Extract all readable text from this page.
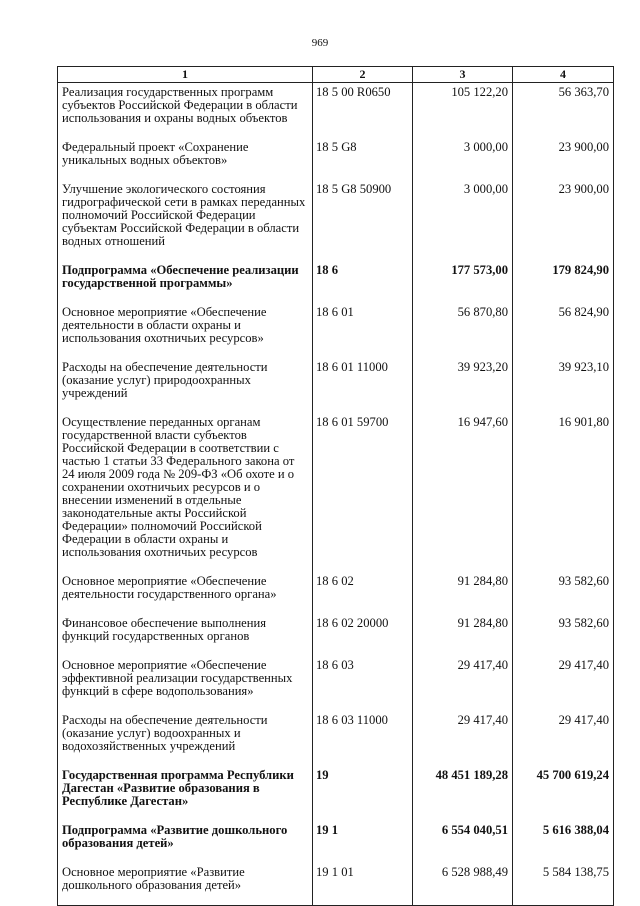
969
1	2	3	4
Реализация государственных программ субъектов Российской Федерации в области использования и охраны водных объектов	18 5 00 R0650	105 122,20	56 363,70
Федеральный проект «Сохранение уникальных водных объектов»	18 5 G8	3 000,00	23 900,00
Улучшение экологического состояния гидрографической сети в рамках переданных полномочий Российской Федерации субъектам Российской Федерации в области водных отношений	18 5 G8 50900	3 000,00	23 900,00
Подпрограмма «Обеспечение реализации государственной программы»	18 6	177 573,00	179 824,90
Основное мероприятие «Обеспечение деятельности в области охраны и использования охотничьих ресурсов»	18 6 01	56 870,80	56 824,90
Расходы на обеспечение деятельности (оказание услуг) природоохранных учреждений	18 6 01 11000	39 923,20	39 923,10
Осуществление переданных органам государственной власти субъектов Российской Федерации в соответствии с частью 1 статьи 33 Федерального закона от 24 июля 2009 года № 209-ФЗ «Об охоте и о сохранении охотничьих ресурсов и о внесении изменений в отдельные законодательные акты Российской Федерации» полномочий Российской Федерации в области охраны и использования охотничьих ресурсов	18 6 01 59700	16 947,60	16 901,80
Основное мероприятие «Обеспечение деятельности государственного органа»	18 6 02	91 284,80	93 582,60
Финансовое обеспечение выполнения функций государственных органов	18 6 02 20000	91 284,80	93 582,60
Основное мероприятие «Обеспечение эффективной реализации государственных функций в сфере водопользования»	18 6 03	29 417,40	29 417,40
Расходы на обеспечение деятельности (оказание услуг) водоохранных и водохозяйственных учреждений	18 6 03 11000	29 417,40	29 417,40
Государственная программа Республики Дагестан «Развитие образования в Республике Дагестан»	19	48 451 189,28	45 700 619,24
Подпрограмма «Развитие дошкольного образования детей»	19 1	6 554 040,51	5 616 388,04
Основное мероприятие «Развитие дошкольного образования детей»	19 1 01	6 528 988,49	5 584 138,75
